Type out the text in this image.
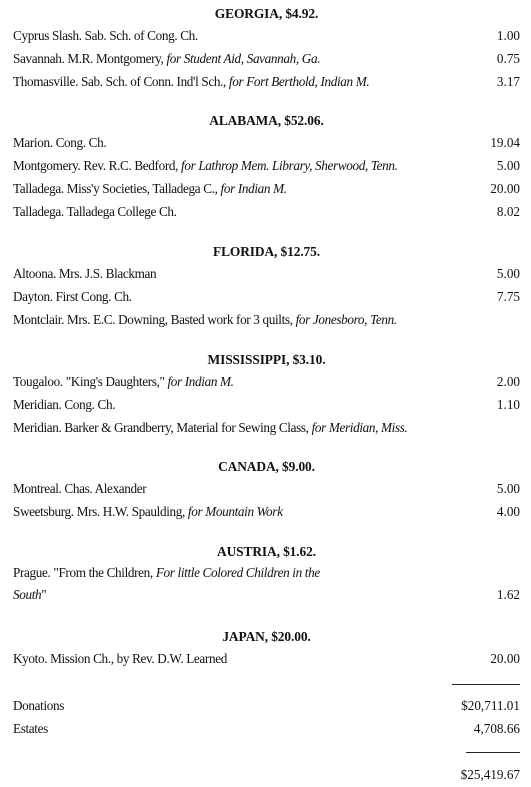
GEORGIA, $4.92.
Cyprus Slash. Sab. Sch. of Cong. Ch.	1.00
Savannah. M.R. Montgomery, for Student Aid, Savannah, Ga.	0.75
Thomasville. Sab. Sch. of Conn. Ind'l Sch., for Fort Berthold, Indian M.	3.17
ALABAMA, $52.06.
Marion. Cong. Ch.	19.04
Montgomery. Rev. R.C. Bedford, for Lathrop Mem. Library, Sherwood, Tenn.	5.00
Talladega. Miss'y Societies, Talladega C., for Indian M.	20.00
Talladega. Talladega College Ch.	8.02
FLORIDA, $12.75.
Altoona. Mrs. J.S. Blackman	5.00
Dayton. First Cong. Ch.	7.75
Montclair. Mrs. E.C. Downing, Basted work for 3 quilts, for Jonesboro, Tenn.
MISSISSIPPI, $3.10.
Tougaloo. "King's Daughters," for Indian M.	2.00
Meridian. Cong. Ch.	1.10
Meridian. Barker & Grandberry, Material for Sewing Class, for Meridian, Miss.
CANADA, $9.00.
Montreal. Chas. Alexander	5.00
Sweetsburg. Mrs. H.W. Spaulding, for Mountain Work	4.00
AUSTRIA, $1.62.
Prague. "From the Children, For little Colored Children in the South"	1.62
JAPAN, $20.00.
Kyoto. Mission Ch., by Rev. D.W. Learned	20.00
Donations	$20,711.01
Estates	4,708.66
$25,419.67
